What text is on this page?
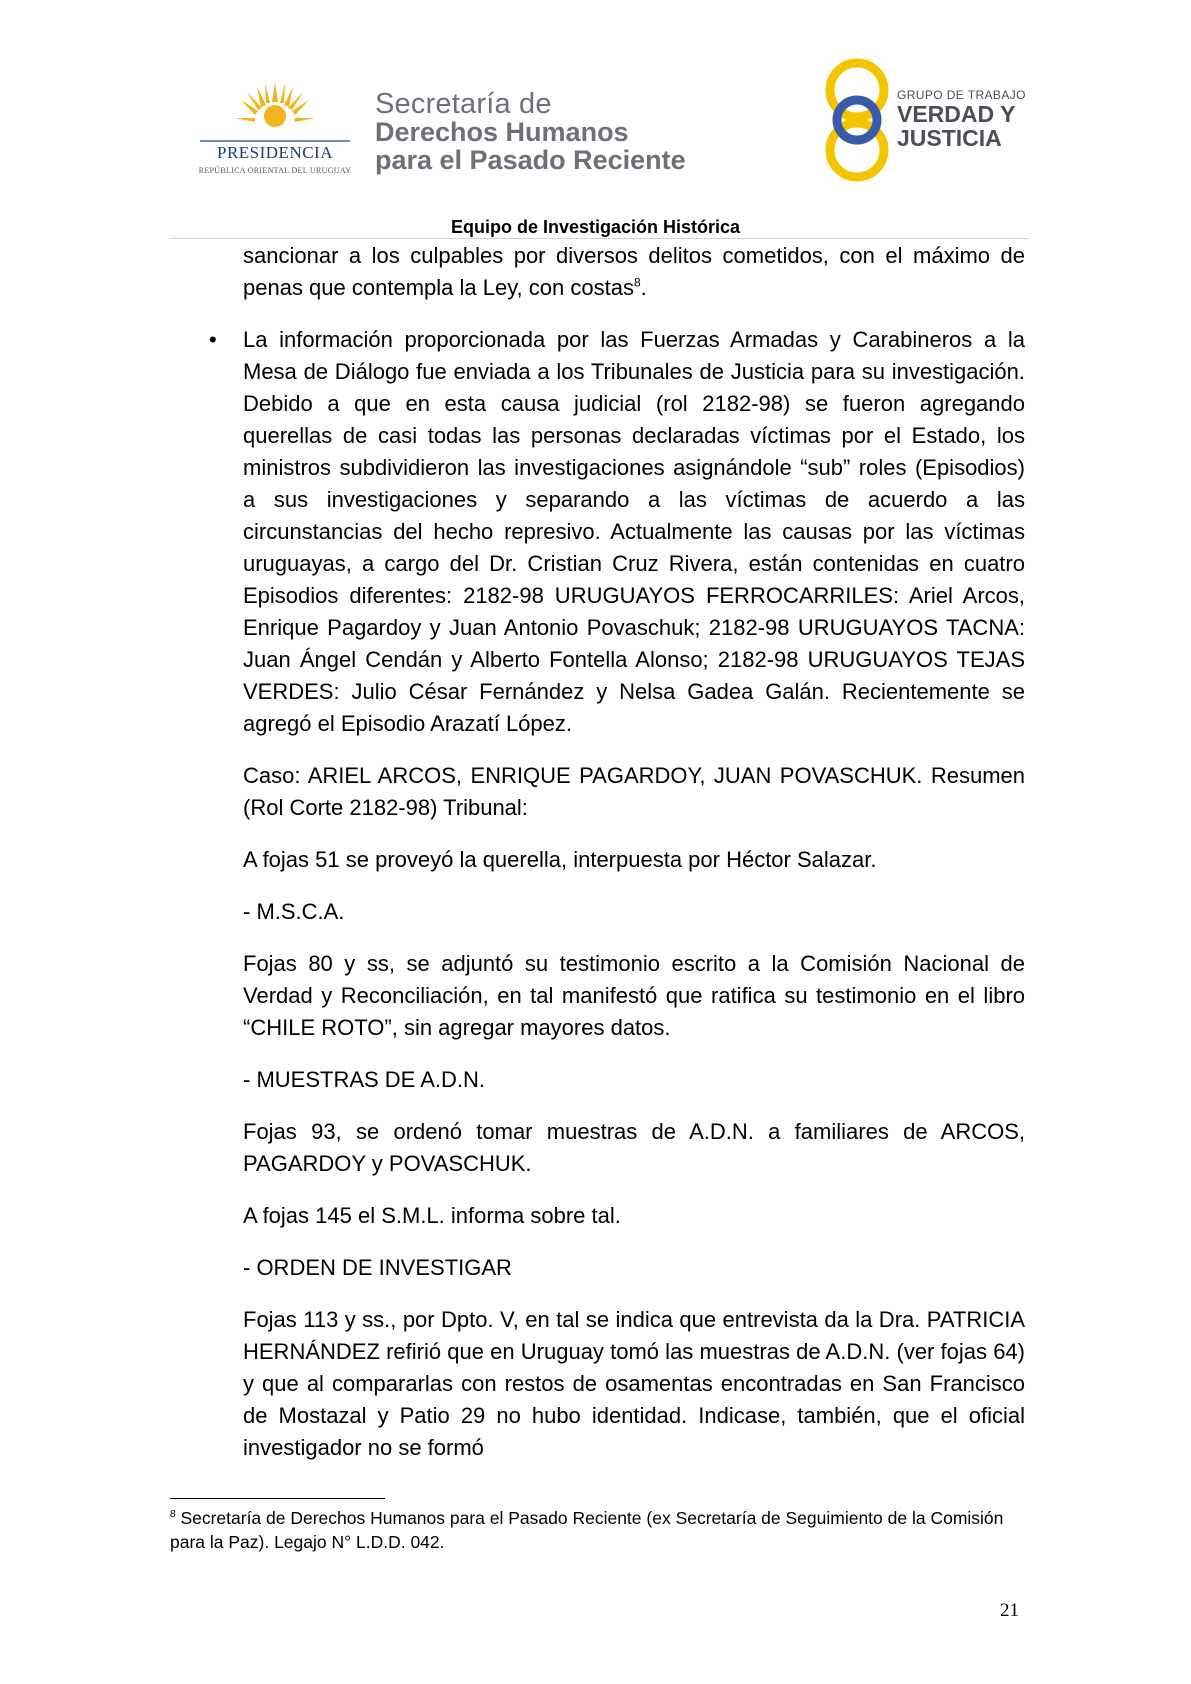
PRESIDENCIA
REPÚBLICA ORIENTAL DEL URUGUAY
Secretaría de
Derechos Humanos
para el Pasado Reciente
GRUPO DE TRABAJO
VERDAD Y
JUSTICIA
Equipo de Investigación Histórica

sancionar a los culpables por diversos delitos cometidos, con el máximo de penas que contempla la Ley, con costas$^8$.

• La información proporcionada por las Fuerzas Armadas y Carabineros a la Mesa de Diálogo fue enviada a los Tribunales de Justicia para su investigación. Debido a que en esta causa judicial (rol 2182-98) se fueron agregando querellas de casi todas las personas declaradas víctimas por el Estado, los ministros subdividieron las investigaciones asignándole “sub” roles (Episodios) a sus investigaciones y separando a las víctimas de acuerdo a las circunstancias del hecho represivo. Actualmente las causas por las víctimas uruguayas, a cargo del Dr. Cristian Cruz Rivera, están contenidas en cuatro Episodios diferentes: 2182-98 URUGUAYOS FERROCARRILES: Ariel Arcos, Enrique Pagardoy y Juan Antonio Povaschuk; 2182-98 URUGUAYOS TACNA: Juan Ángel Cendán y Alberto Fontella Alonso; 2182-98 URUGUAYOS TEJAS VERDES: Julio César Fernández y Nelsa Gadea Galán. Recientemente se agregó el Episodio Arazatí López.

Caso: ARIEL ARCOS, ENRIQUE PAGARDOY, JUAN POVASCHUK. Resumen (Rol Corte 2182-98) Tribunal:

A fojas 51 se proveyó la querella, interpuesta por Héctor Salazar.

- M.S.C.A.

Fojas 80 y ss, se adjuntó su testimonio escrito a la Comisión Nacional de Verdad y Reconciliación, en tal manifestó que ratifica su testimonio en el libro “CHILE ROTO”, sin agregar mayores datos.

- MUESTRAS DE A.D.N.

Fojas 93, se ordenó tomar muestras de A.D.N. a familiares de ARCOS, PAGARDOY y POVASCHUK.

A fojas 145 el S.M.L. informa sobre tal.

- ORDEN DE INVESTIGAR

Fojas 113 y ss., por Dpto. V, en tal se indica que entrevista da la Dra. PATRICIA HERNÁNDEZ refirió que en Uruguay tomó las muestras de A.D.N. (ver fojas 64) y que al compararlas con restos de osamentas encontradas en San Francisco de Mostazal y Patio 29 no hubo identidad. Indicase, también, que el oficial investigador no se formó

$^8$ Secretaría de Derechos Humanos para el Pasado Reciente (ex Secretaría de Seguimiento de la Comisión para la Paz). Legajo N° L.D.D. 042.
21
